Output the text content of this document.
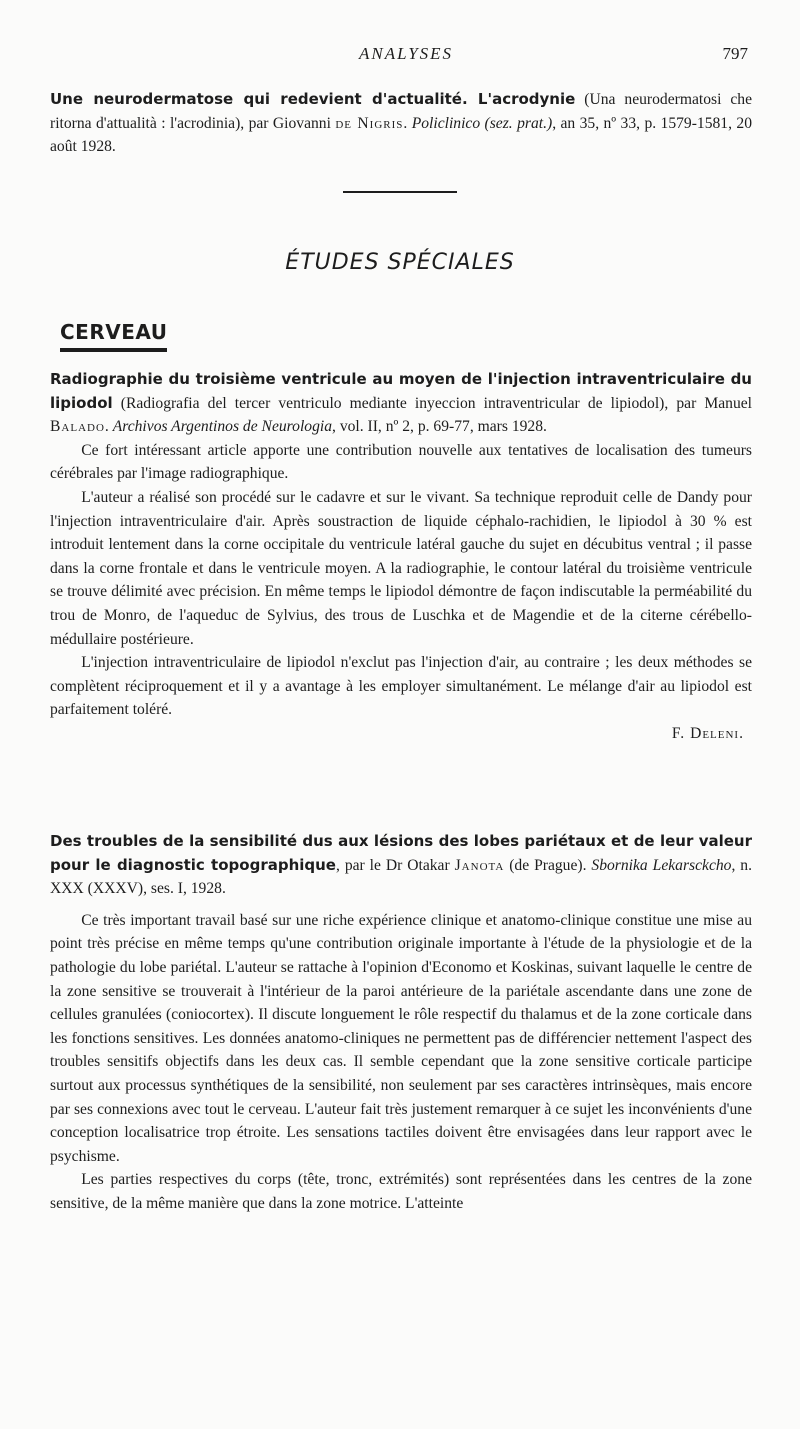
ANALYSES	797

Une neurodermatose qui redevient d'actualité. L'acrodynie (Una neurodermatosi che ritorna d'attualità : l'acrodinia), par Giovanni de Nigris. Policlinico (sez. prat.), an 35, nº 33, p. 1579-1581, 20 août 1928.

ÉTUDES SPÉCIALES
CERVEAU

Radiographie du troisième ventricule au moyen de l'injection intraventriculaire du lipiodol (Radiografia del tercer ventriculo mediante inyeccion intraventricular de lipiodol), par Manuel Balado. Archivos Argentinos de Neurologia, vol. II, nº 2, p. 69-77, mars 1928.

Ce fort intéressant article apporte une contribution nouvelle aux tentatives de localisation des tumeurs cérébrales par l'image radiographique.

L'auteur a réalisé son procédé sur le cadavre et sur le vivant. Sa technique reproduit celle de Dandy pour l'injection intraventriculaire d'air. Après soustraction de liquide céphalo-rachidien, le lipiodol à 30 % est introduit lentement dans la corne occipitale du ventricule latéral gauche du sujet en décubitus ventral ; il passe dans la corne frontale et dans le ventricule moyen. A la radiographie, le contour latéral du troisième ventricule se trouve délimité avec précision. En même temps le lipiodol démontre de façon indiscutable la perméabilité du trou de Monro, de l'aqueduc de Sylvius, des trous de Luschka et de Magendie et de la citerne cérébello-médullaire postérieure.

L'injection intraventriculaire de lipiodol n'exclut pas l'injection d'air, au contraire ; les deux méthodes se complètent réciproquement et il y a avantage à les employer simultanément. Le mélange d'air au lipiodol est parfaitement toléré.

F. Deleni.

Des troubles de la sensibilité dus aux lésions des lobes pariétaux et de leur valeur pour le diagnostic topographique, par le Dr Otakar Janota (de Prague). Sbornika Lekarsckcho, n. XXX (XXXV), ses. I, 1928.

Ce très important travail basé sur une riche expérience clinique et anatomo-clinique constitue une mise au point très précise en même temps qu'une contribution originale importante à l'étude de la physiologie et de la pathologie du lobe pariétal. L'auteur se rattache à l'opinion d'Economo et Koskinas, suivant laquelle le centre de la zone sensitive se trouverait à l'intérieur de la paroi antérieure de la pariétale ascendante dans une zone de cellules granulées (coniocortex). Il discute longuement le rôle respectif du thalamus et de la zone corticale dans les fonctions sensitives. Les données anatomo-cliniques ne permettent pas de différencier nettement l'aspect des troubles sensitifs objectifs dans les deux cas. Il semble cependant que la zone sensitive corticale participe surtout aux processus synthétiques de la sensibilité, non seulement par ses caractères intrinsèques, mais encore par ses connexions avec tout le cerveau. L'auteur fait très justement remarquer à ce sujet les inconvénients d'une conception localisatrice trop étroite. Les sensations tactiles doivent être envisagées dans leur rapport avec le psychisme.

Les parties respectives du corps (tête, tronc, extrémités) sont représentées dans les centres de la zone sensitive, de la même manière que dans la zone motrice. L'atteinte
